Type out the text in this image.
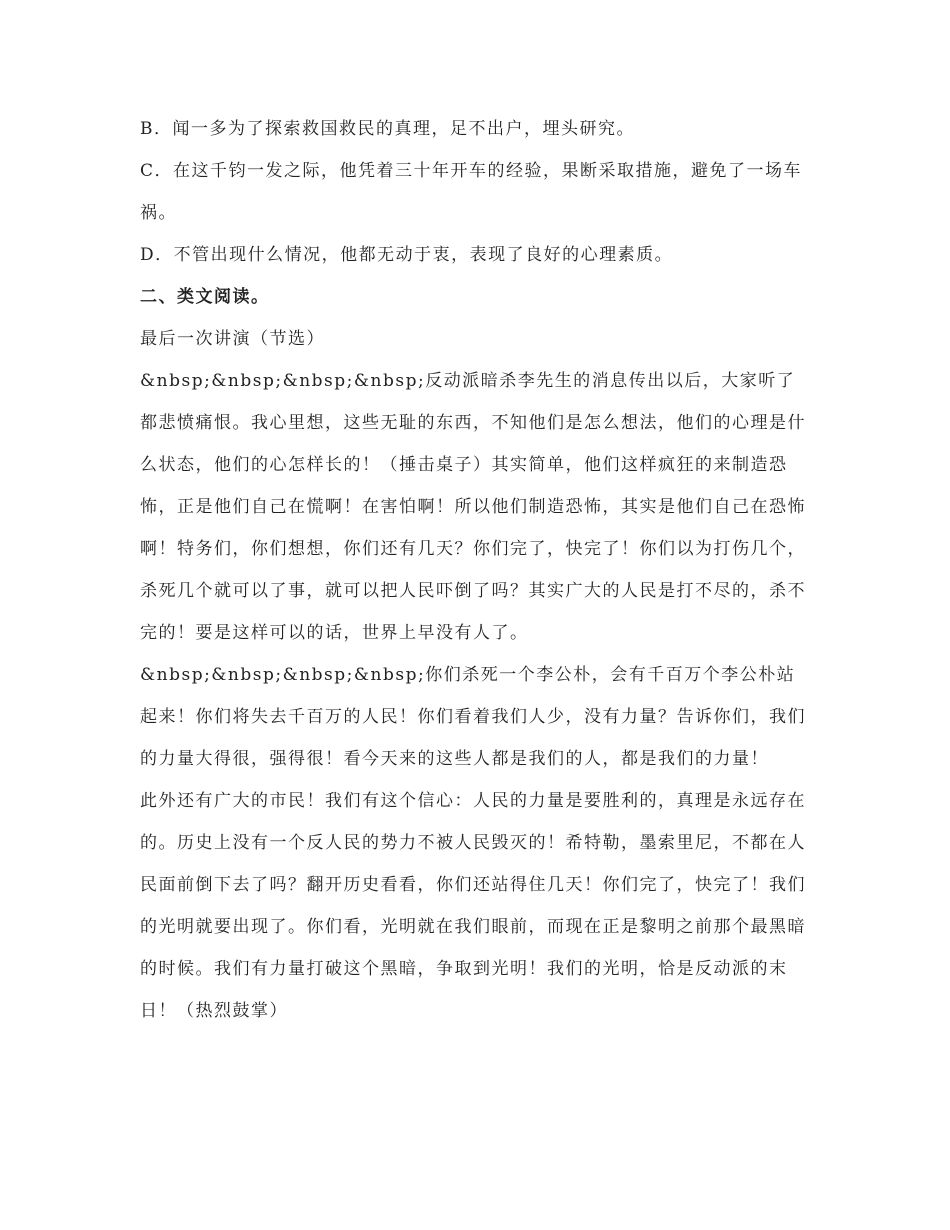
B．闻一多为了探索救国救民的真理，足不出户，埋头研究。

C．在这千钧一发之际，他凭着三十年开车的经验，果断采取措施，避免了一场车祸。

D．不管出现什么情况，他都无动于衷，表现了良好的心理素质。

二、类文阅读。

最后一次讲演（节选）

&nbsp;&nbsp;&nbsp;&nbsp;反动派暗杀李先生的消息传出以后，大家听了都悲愤痛恨。我心里想，这些无耻的东西，不知他们是怎么想法，他们的心理是什么状态，他们的心怎样长的！（捶击桌子）其实简单，他们这样疯狂的来制造恐怖，正是他们自己在慌啊！在害怕啊！所以他们制造恐怖，其实是他们自己在恐怖啊！特务们，你们想想，你们还有几天？你们完了，快完了！你们以为打伤几个，杀死几个就可以了事，就可以把人民吓倒了吗？其实广大的人民是打不尽的，杀不完的！要是这样可以的话，世界上早没有人了。

&nbsp;&nbsp;&nbsp;&nbsp;你们杀死一个李公朴，会有千百万个李公朴站起来！你们将失去千百万的人民！你们看着我们人少，没有力量？告诉你们，我们的力量大得很，强得很！看今天来的这些人都是我们的人，都是我们的力量！

此外还有广大的市民！我们有这个信心：人民的力量是要胜利的，真理是永远存在的。历史上没有一个反人民的势力不被人民毁灭的！希特勒，墨索里尼，不都在人民面前倒下去了吗？翻开历史看看，你们还站得住几天！你们完了，快完了！我们的光明就要出现了。你们看，光明就在我们眼前，而现在正是黎明之前那个最黑暗的时候。我们有力量打破这个黑暗，争取到光明！我们的光明，恰是反动派的末日！（热烈鼓掌）
